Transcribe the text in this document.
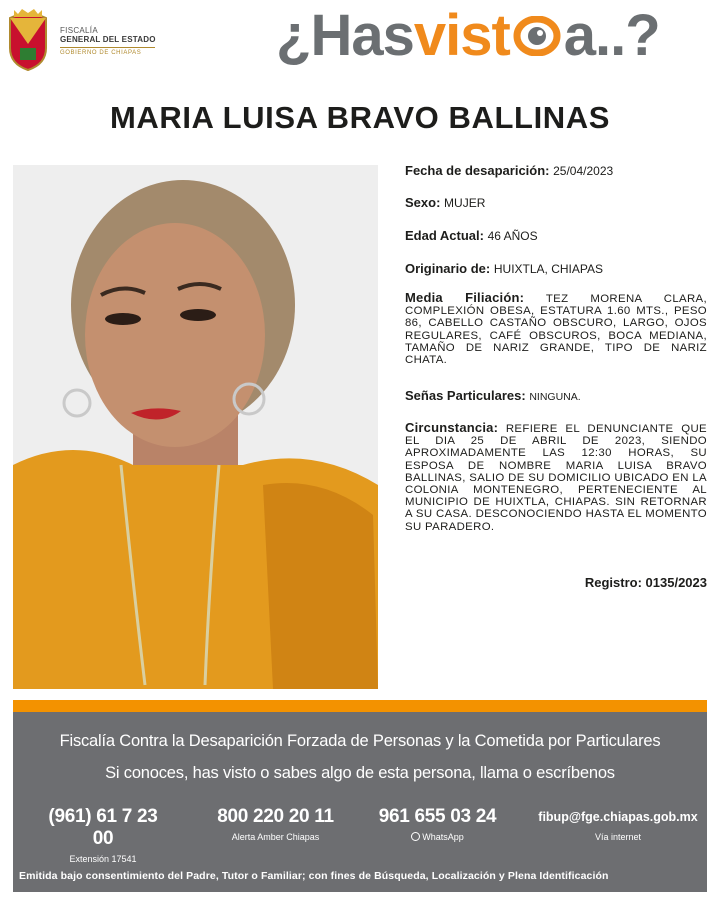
FISCALÍA
GENERAL DEL ESTADO
GOBIERNO DE CHIAPAS ¿Hasvist a..?
MARIA LUISA BRAVO BALLINAS
Fecha de desaparición: 25/04/2023
Sexo: MUJER
Edad Actual: 46 AÑOS
Originario de: HUIXTLA, CHIAPAS
Media Filiación: TEZ MORENA CLARA, COMPLEXIÓN OBESA, ESTATURA 1.60 MTS., PESO 86, CABELLO CASTAÑO OBSCURO, LARGO, OJOS REGULARES, CAFÉ OBSCUROS, BOCA MEDIANA, TAMAÑO DE NARIZ GRANDE, TIPO DE NARIZ CHATA.
Señas Particulares: NINGUNA.
Circunstancia: REFIERE EL DENUNCIANTE QUE EL DIA 25 DE ABRIL DE 2023, SIENDO APROXIMADAMENTE LAS 12:30 HORAS, SU ESPOSA DE NOMBRE MARIA LUISA BRAVO BALLINAS, SALIO DE SU DOMICILIO UBICADO EN LA COLONIA MONTENEGRO, PERTENECIENTE AL MUNICIPIO DE HUIXTLA, CHIAPAS. SIN RETORNAR A SU CASA. DESCONOCIENDO HASTA EL MOMENTO SU PARADERO.
Registro: 0135/2023
Fiscalía Contra la Desaparición Forzada de Personas y la Cometida por Particulares
Si conoces, has visto o sabes algo de esta persona, llama o escríbenos
(961) 61 7 23 00
Extensión 17541
800 220 20 11
Alerta Amber Chiapas
961 655 03 24
WhatsApp
fibup@fge.chiapas.gob.mx
Vía internet
Emitida bajo consentimiento del Padre, Tutor o Familiar; con fines de Búsqueda, Localización y Plena Identificación
